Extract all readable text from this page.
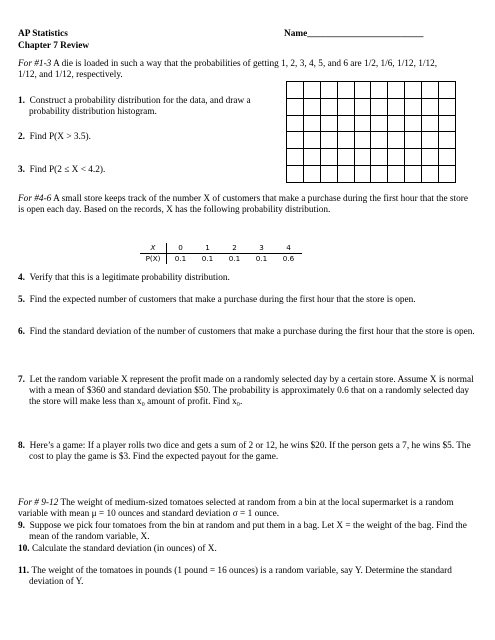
AP Statistics	Name_________________________
Chapter 7 Review
For #1-3 A die is loaded in such a way that the probabilities of getting 1, 2, 3, 4, 5, and 6 are 1/2, 1/6, 1/12, 1/12, 1/12, and 1/12, respectively.
1. Construct a probability distribution for the data, and draw a probability distribution histogram.
2. Find P(X > 3.5).
3. Find P(2 ≤ X < 4.2).
For #4-6 A small store keeps track of the number X of customers that make a purchase during the first hour that the store is open each day. Based on the records, X has the following probability distribution.
X	0	1	2	3	4
P(X)	0.1	0.1	0.1	0.1	0.6
4. Verify that this is a legitimate probability distribution.
5. Find the expected number of customers that make a purchase during the first hour that the store is open.
6. Find the standard deviation of the number of customers that make a purchase during the first hour that the store is open.
7. Let the random variable X represent the profit made on a randomly selected day by a certain store. Assume X is normal with a mean of $360 and standard deviation $50. The probability is approximately 0.6 that on a randomly selected day the store will make less than x₀ amount of profit. Find x₀.
8. Here’s a game: If a player rolls two dice and gets a sum of 2 or 12, he wins $20. If the person gets a 7, he wins $5. The cost to play the game is $3. Find the expected payout for the game.
For # 9-12 The weight of medium-sized tomatoes selected at random from a bin at the local supermarket is a random variable with mean μ = 10 ounces and standard deviation σ = 1 ounce.
9. Suppose we pick four tomatoes from the bin at random and put them in a bag. Let X = the weight of the bag. Find the mean of the random variable, X.
10. Calculate the standard deviation (in ounces) of X.
11. The weight of the tomatoes in pounds (1 pound = 16 ounces) is a random variable, say Y. Determine the standard deviation of Y.
